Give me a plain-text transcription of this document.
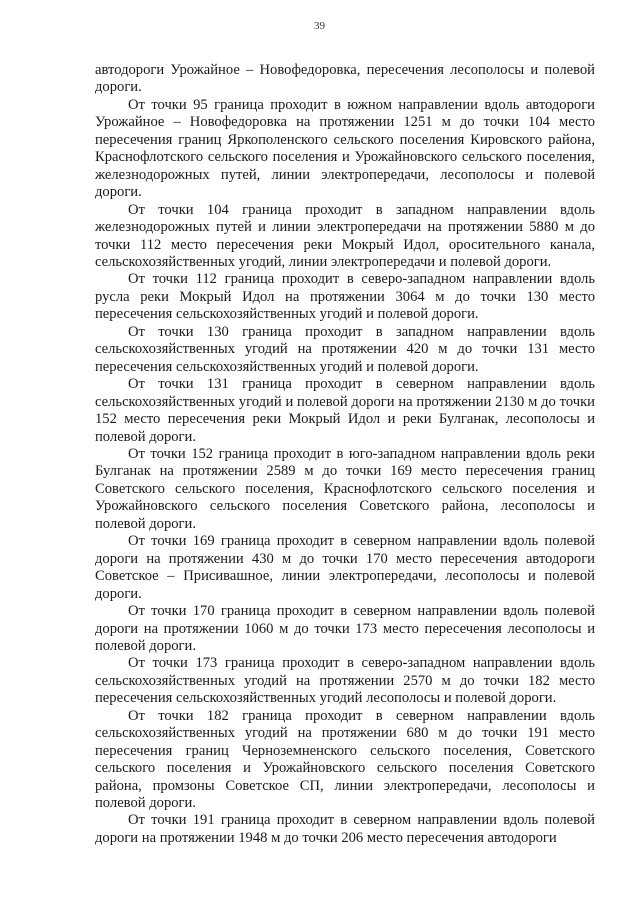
39

автодороги Урожайное – Новофедоровка, пересечения лесополосы и полевой дороги.

От точки 95 граница проходит в южном направлении вдоль автодороги Урожайное – Новофедоровка на протяжении 1251 м до точки 104 место пересечения границ Яркополенского сельского поселения Кировского района, Краснофлотского сельского поселения и Урожайновского сельского поселения, железнодорожных путей, линии электропередачи, лесополосы и полевой дороги.

От точки 104 граница проходит в западном направлении вдоль железнодорожных путей и линии электропередачи на протяжении 5880 м до точки 112 место пересечения реки Мокрый Идол, оросительного канала, сельскохозяйственных угодий, линии электропередачи и полевой дороги.

От точки 112 граница проходит в северо-западном направлении вдоль русла реки Мокрый Идол на протяжении 3064 м до точки 130 место пересечения сельскохозяйственных угодий и полевой дороги.

От точки 130 граница проходит в западном направлении вдоль сельскохозяйственных угодий на протяжении 420 м до точки 131 место пересечения сельскохозяйственных угодий и полевой дороги.

От точки 131 граница проходит в северном направлении вдоль сельскохозяйственных угодий и полевой дороги на протяжении 2130 м до точки 152 место пересечения реки Мокрый Идол и реки Булганак, лесополосы и полевой дороги.

От точки 152 граница проходит в юго-западном направлении вдоль реки Булганак на протяжении 2589 м до точки 169 место пересечения границ Советского сельского поселения, Краснофлотского сельского поселения и Урожайновского сельского поселения Советского района, лесополосы и полевой дороги.

От точки 169 граница проходит в северном направлении вдоль полевой дороги на протяжении 430 м до точки 170 место пересечения автодороги Советское – Присивашное, линии электропередачи, лесополосы и полевой дороги.

От точки 170 граница проходит в северном направлении вдоль полевой дороги на протяжении 1060 м до точки 173 место пересечения лесополосы и полевой дороги.

От точки 173 граница проходит в северо-западном направлении вдоль сельскохозяйственных угодий на протяжении 2570 м до точки 182 место пересечения сельскохозяйственных угодий лесополосы и полевой дороги.

От точки 182 граница проходит в северном направлении вдоль сельскохозяйственных угодий на протяжении 680 м до точки 191 место пересечения границ Черноземненского сельского поселения, Советского сельского поселения и Урожайновского сельского поселения Советского района, промзоны Советское СП, линии электропередачи, лесополосы и полевой дороги.

От точки 191 граница проходит в северном направлении вдоль полевой дороги на протяжении 1948 м до точки 206 место пересечения автодороги
